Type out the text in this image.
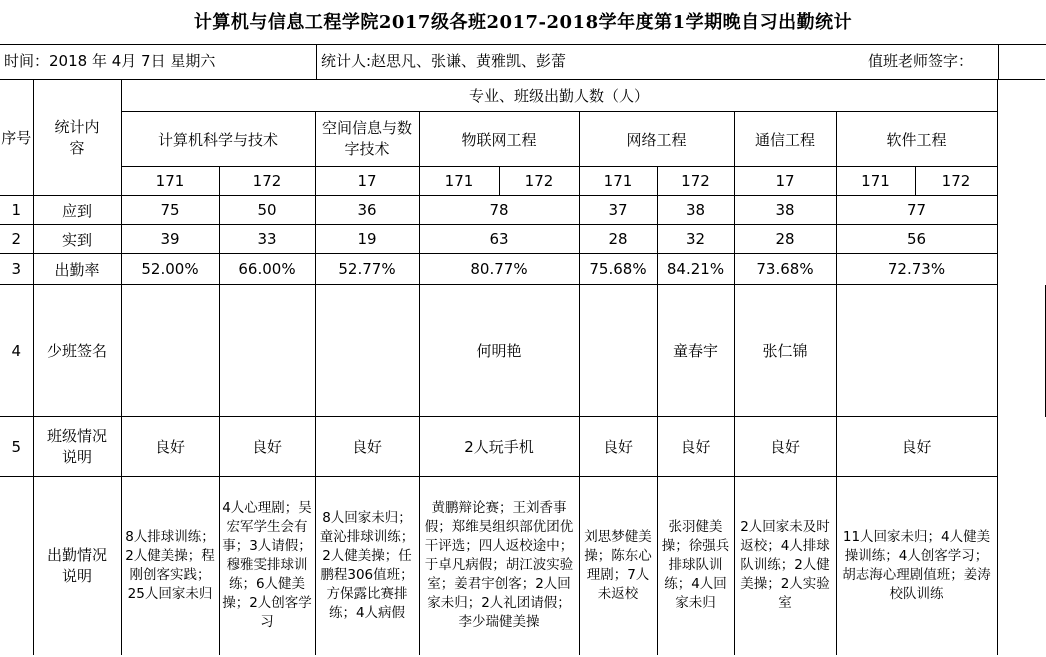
计算机与信息工程学院2017级各班2017-2018学年度第1学期晚自习出勤统计
时间：2018 年 4月 7日 星期六	统计人:赵思凡、张谦、黄雅凯、彭蕾	值班老师签字：
序号	统计内容	专业、班级出勤人数（人）											
		计算机科学与技术		空间信息与数字技术	物联网工程		网络工程		通信工程	软件工程			
		171	172	17	171	172	171	172	17	171	172		

1	应到	75	50	36	78		37	38	38	77			
2	实到	39	33	19	63		28	32	28	56			
3	出勤率	52.00%	66.00%	52.77%	80.77%		75.68%	84.21%	73.68%	72.73%			
4	少班签名				何明艳			童春宇	张仁锦				
5	班级情况说明	良好	良好	良好	2人玩手机		良好	良好	良好	良好			
	出勤情况说明	8人排球训练；2人健美操；程刚创客实践；25人回家未归	4人心理剧；吴宏军学生会有事；3人请假；穆雅雯排球训练；6人健美操；2人创客学习	8人回家未归；童沁排球训练；2人健美操；任鹏程306值班；方保露比赛排练；4人病假	黄鹏辩论赛；王刘香事假；郑维昊组织部优团优干评选；四人返校途中；于卓凡病假；胡江波实验室；姜君宇创客；2人回家未归；2人礼团请假；李少瑞健美操		刘思梦健美操；陈东心理剧；7人未返校	张羽健美操；徐强兵排球队训练；4人回家未归	2人回家未及时返校；4人排球队训练；2人健美操；2人实验室	11人回家未归；4人健美操训练；4人创客学习；胡志海心理剧值班；姜涛校队训练			
